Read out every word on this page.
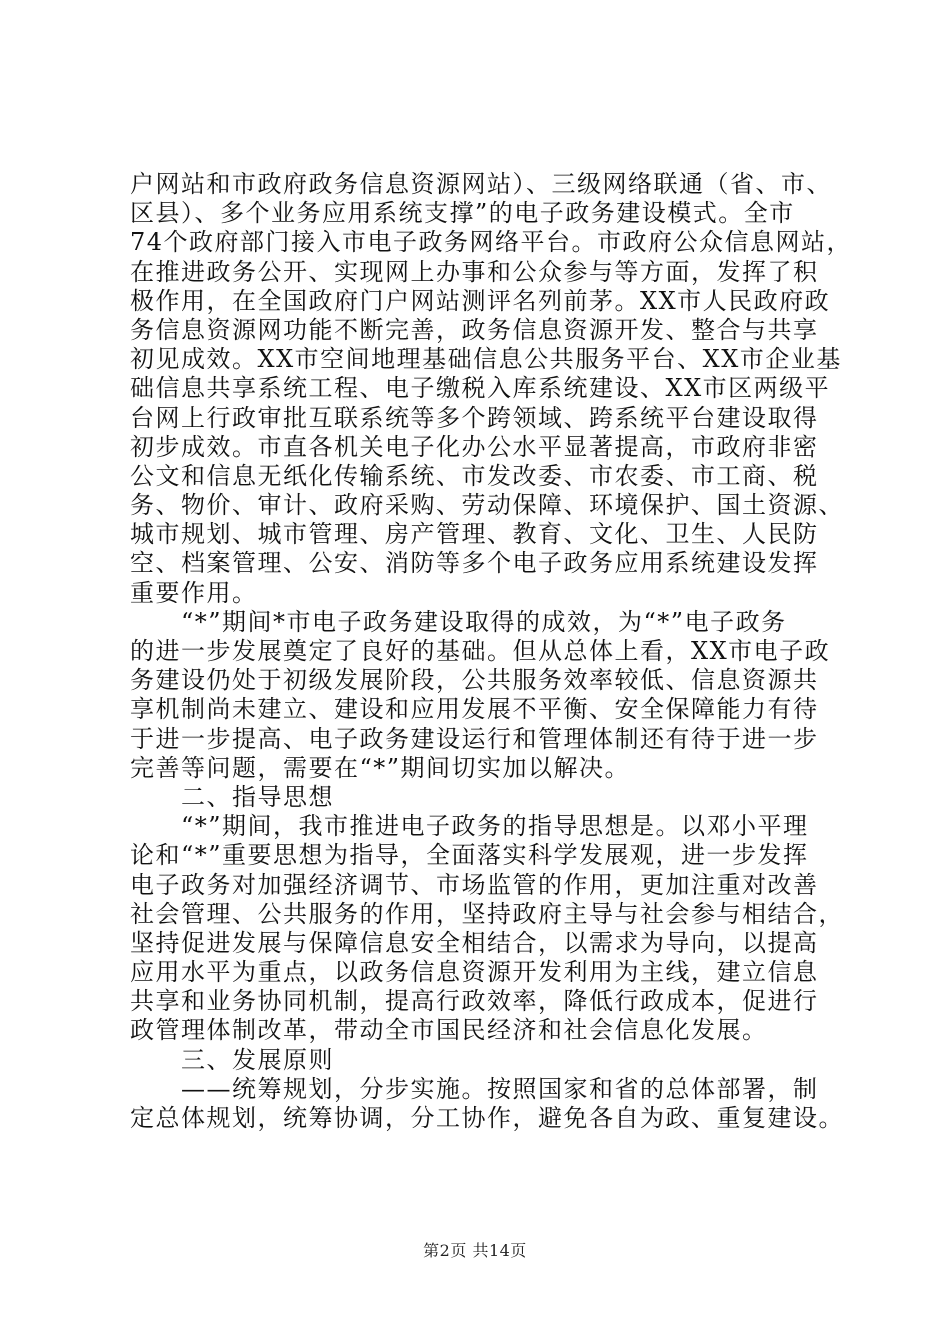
户网站和市政府政务信息资源网站）、三级网络联通（省、市、
区县）、多个业务应用系统支撑”的电子政务建设模式。全市
74个政府部门接入市电子政务网络平台。市政府公众信息网站，
在推进政务公开、实现网上办事和公众参与等方面，发挥了积
极作用，在全国政府门户网站测评名列前茅。XX市人民政府政
务信息资源网功能不断完善，政务信息资源开发、整合与共享
初见成效。XX市空间地理基础信息公共服务平台、XX市企业基
础信息共享系统工程、电子缴税入库系统建设、XX市区两级平
台网上行政审批互联系统等多个跨领域、跨系统平台建设取得
初步成效。市直各机关电子化办公水平显著提高，市政府非密
公文和信息无纸化传输系统、市发改委、市农委、市工商、税
务、物价、审计、政府采购、劳动保障、环境保护、国土资源、
城市规划、城市管理、房产管理、教育、文化、卫生、人民防
空、档案管理、公安、消防等多个电子政务应用系统建设发挥
重要作用。
　　“*”期间*市电子政务建设取得的成效，为“*”电子政务
的进一步发展奠定了良好的基础。但从总体上看，XX市电子政
务建设仍处于初级发展阶段，公共服务效率较低、信息资源共
享机制尚未建立、建设和应用发展不平衡、安全保障能力有待
于进一步提高、电子政务建设运行和管理体制还有待于进一步
完善等问题，需要在“*”期间切实加以解决。
　　二、指导思想
　　“*”期间，我市推进电子政务的指导思想是。以邓小平理
论和“*”重要思想为指导，全面落实科学发展观，进一步发挥
电子政务对加强经济调节、市场监管的作用，更加注重对改善
社会管理、公共服务的作用，坚持政府主导与社会参与相结合，
坚持促进发展与保障信息安全相结合，以需求为导向，以提高
应用水平为重点，以政务信息资源开发利用为主线，建立信息
共享和业务协同机制，提高行政效率，降低行政成本，促进行
政管理体制改革，带动全市国民经济和社会信息化发展。
　　三、发展原则
　　——统筹规划，分步实施。按照国家和省的总体部署，制
定总体规划，统筹协调，分工协作，避免各自为政、重复建设。
第2页 共14页
